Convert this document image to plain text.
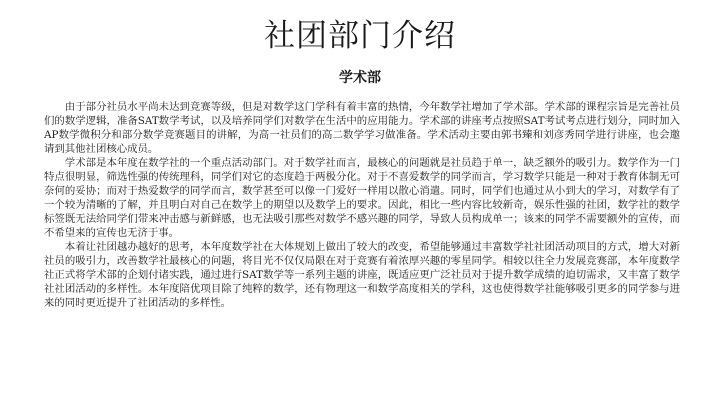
社团部门介绍
学术部

由于部分社员水平尚未达到竞赛等级，但是对数学这门学科有着丰富的热情，今年数学社增加了学术部。学术部的课程宗旨是完善社员们的数学逻辑，准备SAT数学考试，以及培养同学们对数学在生活中的应用能力。学术部的讲座考点按照SAT考试考点进行划分，同时加入AP数学微积分和部分数学竞赛题目的讲解，为高一社员们的高二数学学习做准备。学术活动主要由郭书臻和刘彦秀同学进行讲座，也会邀请到其他社团核心成员。

学术部是本年度在数学社的一个重点活动部门。对于数学社而言，最核心的问题就是社员趋于单一，缺乏额外的吸引力。数学作为一门特点很明显，筛选性强的传统理科，同学们对它的态度趋于两极分化。对于不喜爱数学的同学而言，学习数学只能是一种对于教育体制无可奈何的妥协；而对于热爱数学的同学而言，数学甚至可以像一门爱好一样用以散心消遣。同时，同学们也通过从小到大的学习，对数学有了一个较为清晰的了解，并且明白对自己在数学上的期望以及数学上的要求。因此，相比一些内容比较新奇，娱乐性强的社团，数学社的数学标签既无法给同学们带来冲击感与新鲜感，也无法吸引那些对数学不感兴趣的同学，导致人员构成单一；该来的同学不需要额外的宣传，而不希望来的宣传也无济于事。

本着让社团越办越好的思考，本年度数学社在大体规划上做出了较大的改变，希望能够通过丰富数学社社团活动项目的方式，增大对新社员的吸引力，改善数学社最核心的问题，将目光不仅仅局限在对于竞赛有着浓厚兴趣的零星同学。相较以往全力发展竞赛部，本年度数学社正式将学术部的企划付诸实践，通过进行SAT数学等一系列主题的讲座，既适应更广泛社员对于提升数学成绩的迫切需求，又丰富了数学社社团活动的多样性。本年度陪优项目除了纯粹的数学，还有物理这一和数学高度相关的学科，这也使得数学社能够吸引更多的同学参与进来的同时更近提升了社团活动的多样性。
